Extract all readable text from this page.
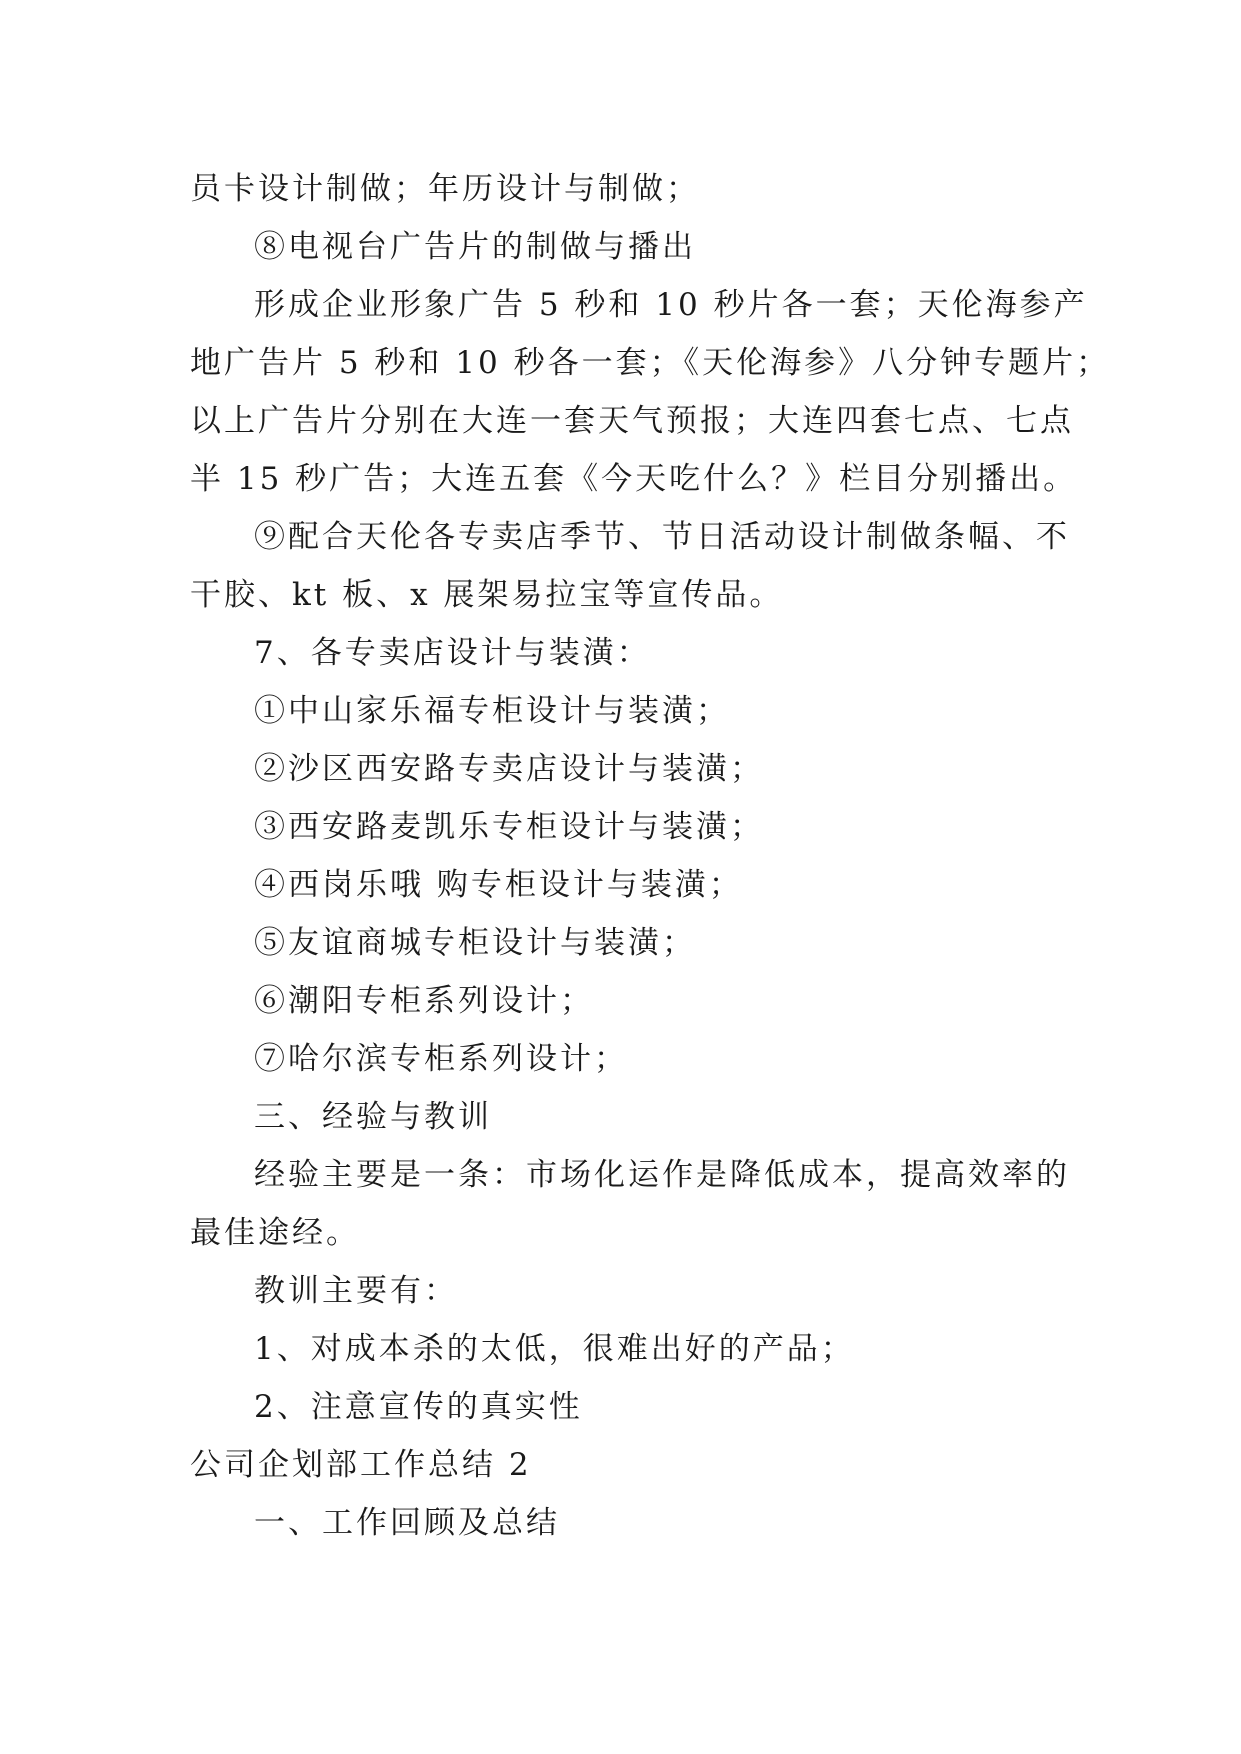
员卡设计制做；年历设计与制做；
⑧电视台广告片的制做与播出
形成企业形象广告 5 秒和 10 秒片各一套；天伦海参产
地广告片 5 秒和 10 秒各一套；《天伦海参》八分钟专题片；
以上广告片分别在大连一套天气预报；大连四套七点、七点
半 15 秒广告；大连五套《今天吃什么？》栏目分别播出。
⑨配合天伦各专卖店季节、节日活动设计制做条幅、不
干胶、kt 板、x 展架易拉宝等宣传品。
7、各专卖店设计与装潢：
①中山家乐福专柜设计与装潢；
②沙区西安路专卖店设计与装潢；
③西安路麦凯乐专柜设计与装潢；
④西岗乐哦 购专柜设计与装潢；
⑤友谊商城专柜设计与装潢；
⑥潮阳专柜系列设计；
⑦哈尔滨专柜系列设计；
三、经验与教训
经验主要是一条：市场化运作是降低成本，提高效率的
最佳途经。
教训主要有：
1、对成本杀的太低，很难出好的产品；
2、注意宣传的真实性
公司企划部工作总结 2
一、工作回顾及总结
